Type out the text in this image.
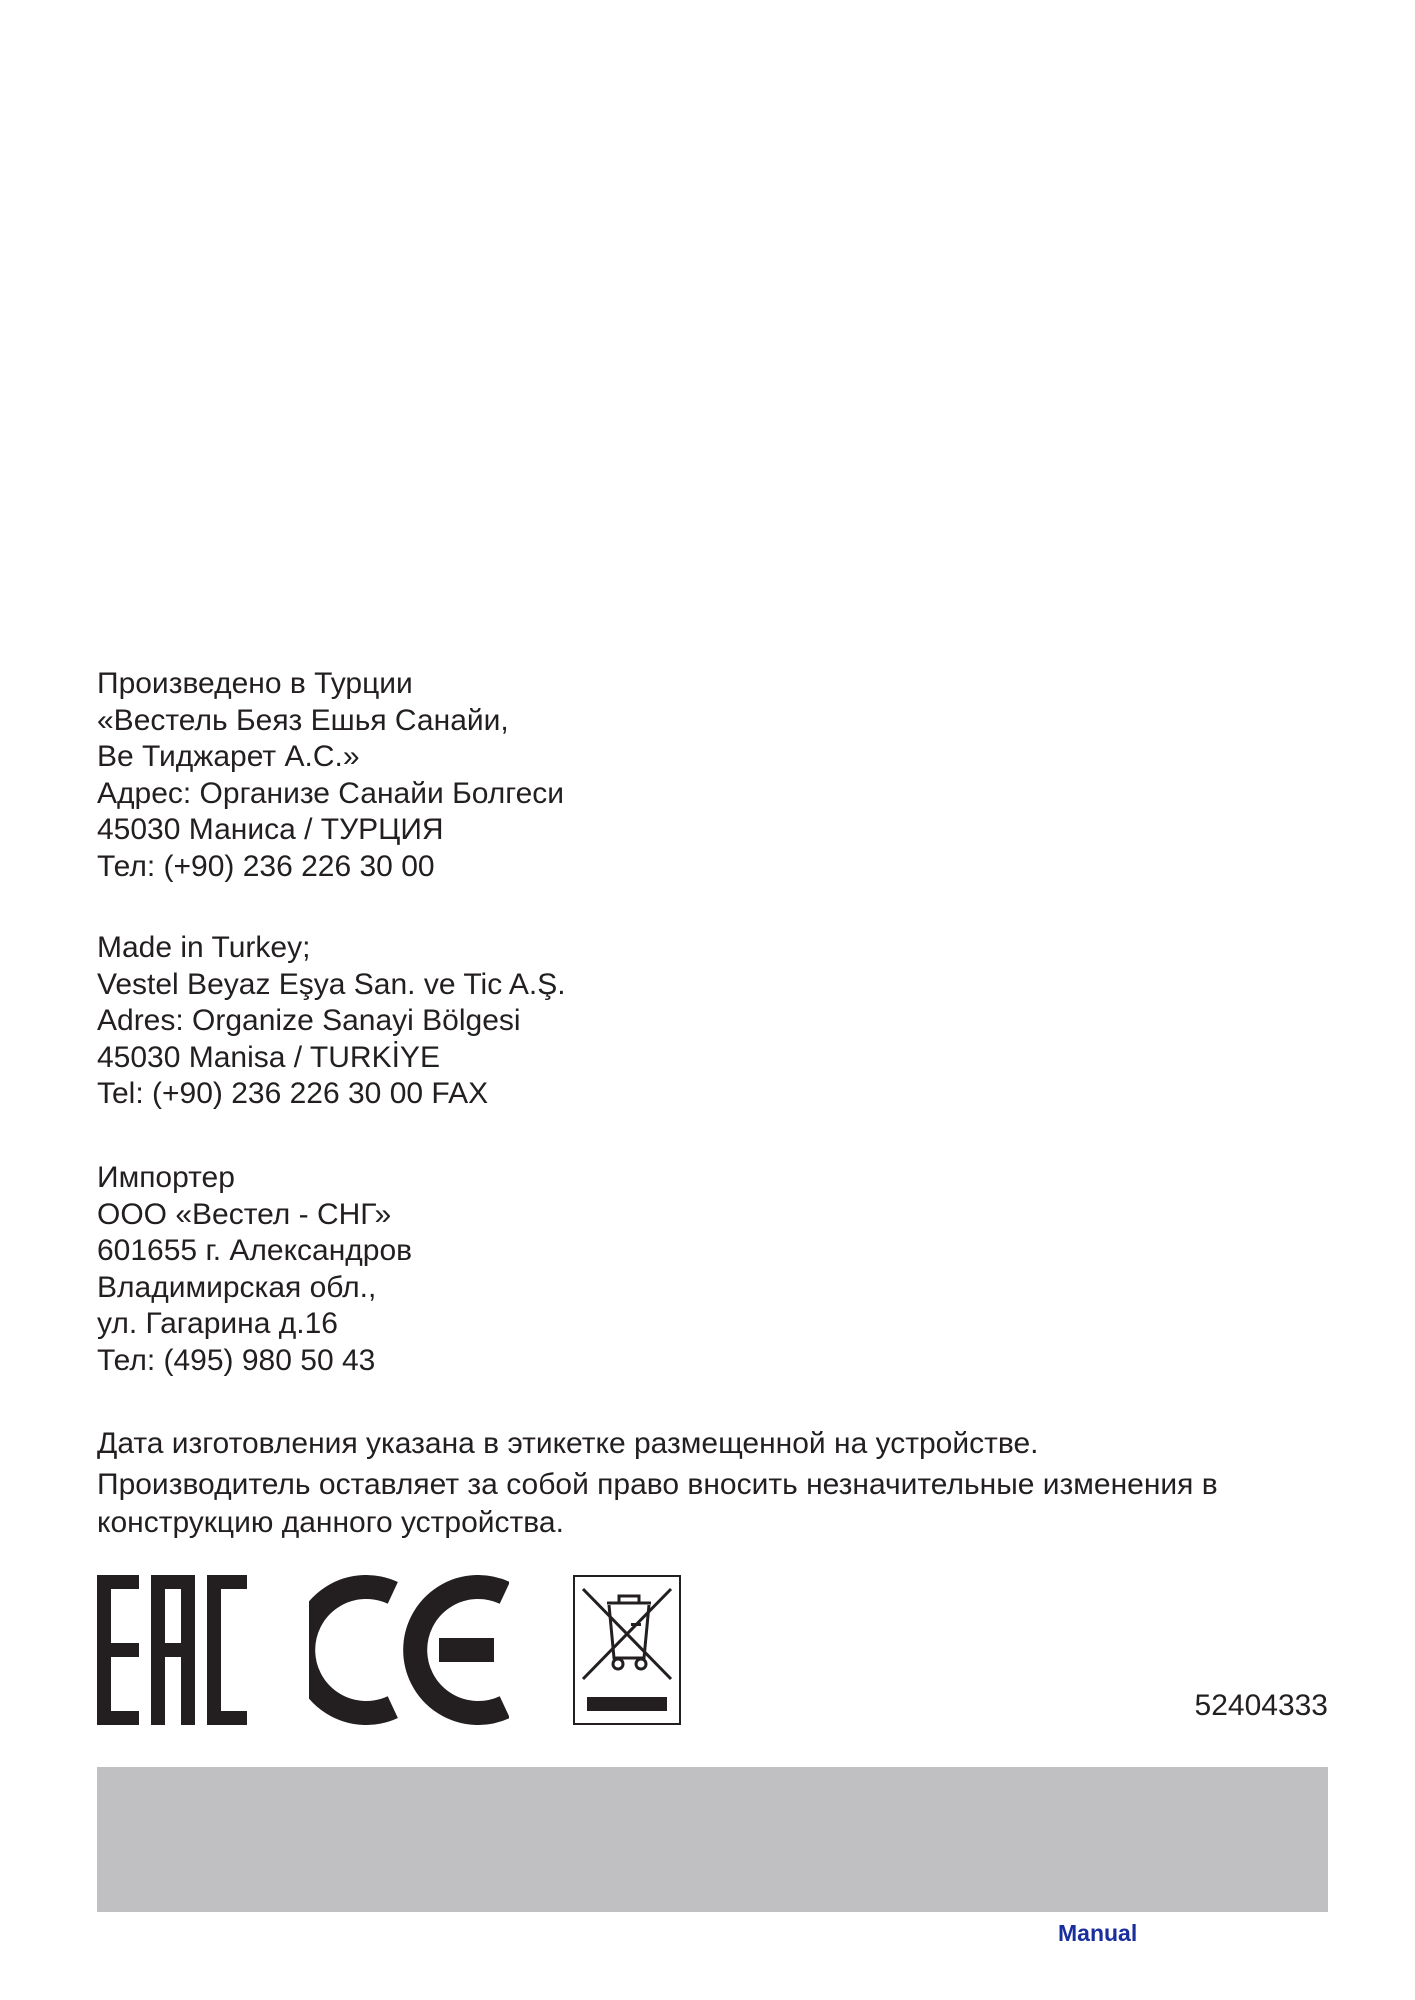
Произведено в Турции
«Вестель Беяз Ешья Санайи,
Ве Тиджарет А.С.»
Адрес: Организе Санайи Болгеси
45030 Маниса / ТУРЦИЯ
Тел: (+90) 236 226 30 00
Made in Turkey;
Vestel Beyaz Eşya San. ve Tic A.Ş.
Adres: Organize Sanayi Bölgesi
45030 Manisa / TURKİYE
Tel: (+90) 236 226 30 00 FAX
Импортер
ООО «Вестел - СНГ»
601655 г. Александров
Владимирская обл.,
ул. Гагарина д.16
Тел: (495) 980 50 43

Дата изготовления указана в этикетке размещенной на устройстве.

Производитель оставляет за собой право вносить незначительные изменения в конструкцию данного устройства.

52404333
Manual
